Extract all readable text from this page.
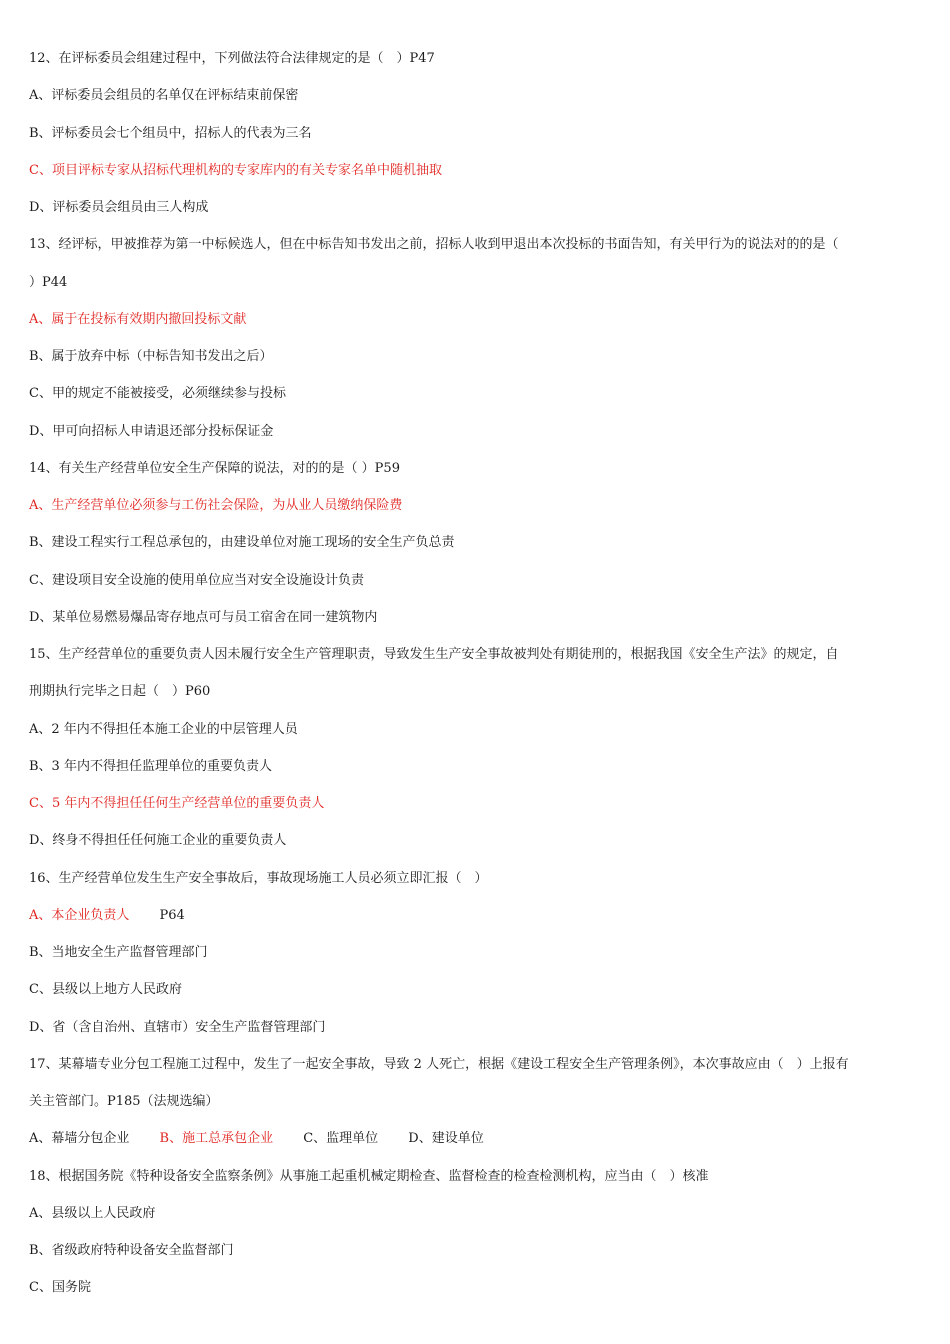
12、在评标委员会组建过程中，下列做法符合法律规定的是（　）P47
A、评标委员会组员的名单仅在评标结束前保密
B、评标委员会七个组员中，招标人的代表为三名
C、项目评标专家从招标代理机构的专家库内的有关专家名单中随机抽取
D、评标委员会组员由三人构成
13、经评标，甲被推荐为第一中标候选人，但在中标告知书发出之前，招标人收到甲退出本次投标的书面告知，有关甲行为的说法对的的是（
）P44
A、属于在投标有效期内撤回投标文献
B、属于放弃中标（中标告知书发出之后）
C、甲的规定不能被接受，必须继续参与投标
D、甲可向招标人申请退还部分投标保证金
14、有关生产经营单位安全生产保障的说法，对的的是（ ）P59
A、生产经营单位必须参与工伤社会保险，为从业人员缴纳保险费
B、建设工程实行工程总承包的，由建设单位对施工现场的安全生产负总责
C、建设项目安全设施的使用单位应当对安全设施设计负责
D、某单位易燃易爆品寄存地点可与员工宿舍在同一建筑物内
15、生产经营单位的重要负责人因未履行安全生产管理职责，导致发生生产安全事故被判处有期徒刑的，根据我国《安全生产法》的规定，自
刑期执行完毕之日起（　）P60
A、2 年内不得担任本施工企业的中层管理人员
B、3 年内不得担任监理单位的重要负责人
C、5 年内不得担任任何生产经营单位的重要负责人
D、终身不得担任任何施工企业的重要负责人
16、生产经营单位发生生产安全事故后，事故现场施工人员必须立即汇报（　）
A、本企业负责人　　 P64
B、当地安全生产监督管理部门
C、县级以上地方人民政府
D、省（含自治州、直辖市）安全生产监督管理部门
17、某幕墙专业分包工程施工过程中，发生了一起安全事故，导致 2 人死亡，根据《建设工程安全生产管理条例》，本次事故应由（　）上报有
关主管部门。P185（法规选编）
A、幕墙分包企业　　 B、施工总承包企业　　 C、监理单位　　 D、建设单位
18、根据国务院《特种设备安全监察条例》从事施工起重机械定期检查、监督检查的检查检测机构，应当由（　）核准
A、县级以上人民政府
B、省级政府特种设备安全监督部门
C、国务院
